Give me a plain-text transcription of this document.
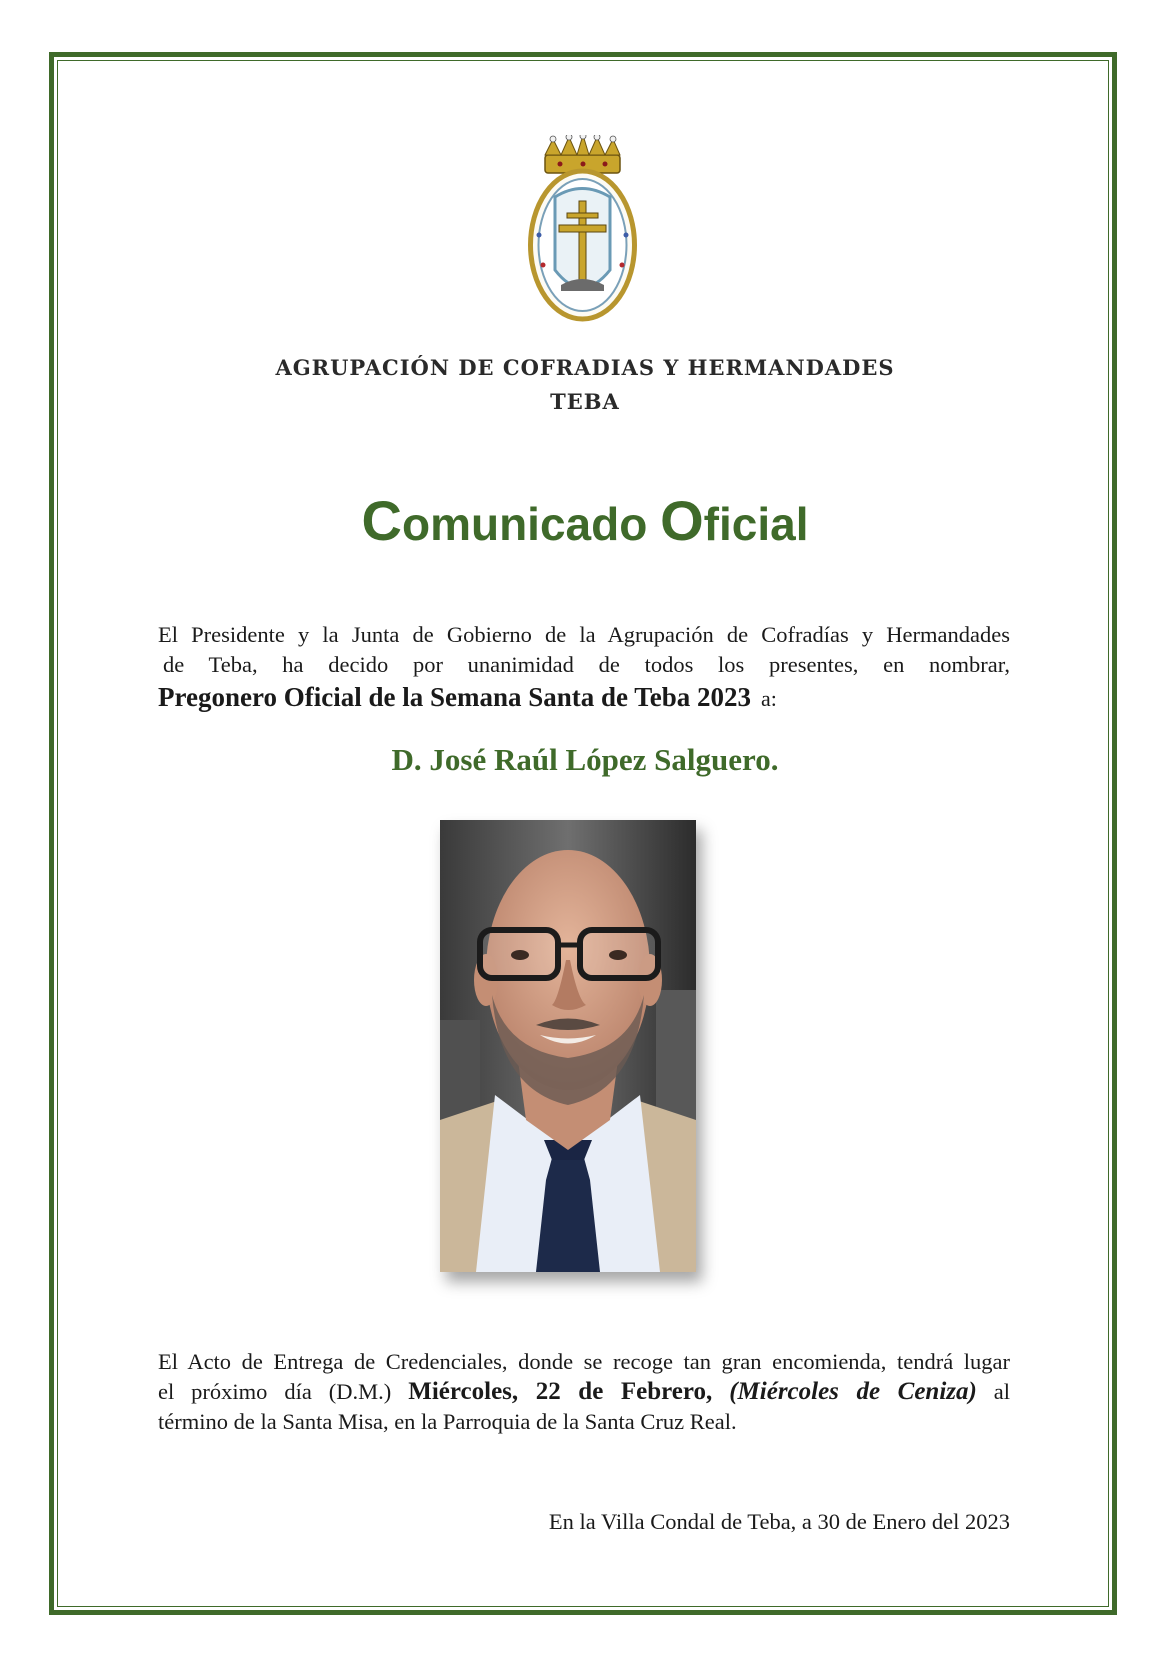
AGRUPACIÓN DE COFRADIAS Y HERMANDADES
TEBA
Comunicado Oficial
El Presidente y la Junta de Gobierno de la Agrupación de Cofradías y Hermandades
de Teba, ha decido por unanimidad de todos los presentes, en nombrar,
Pregonero Oficial de la Semana Santa de Teba 2023 a:
D. José Raúl López Salguero.
El Acto de Entrega de Credenciales, donde se recoge tan gran encomienda, tendrá lugar
el próximo día (D.M.) Miércoles, 22 de Febrero, (Miércoles de Ceniza) al
término de la Santa Misa, en la Parroquia de la Santa Cruz Real.
En la Villa Condal de Teba, a 30 de Enero del 2023
